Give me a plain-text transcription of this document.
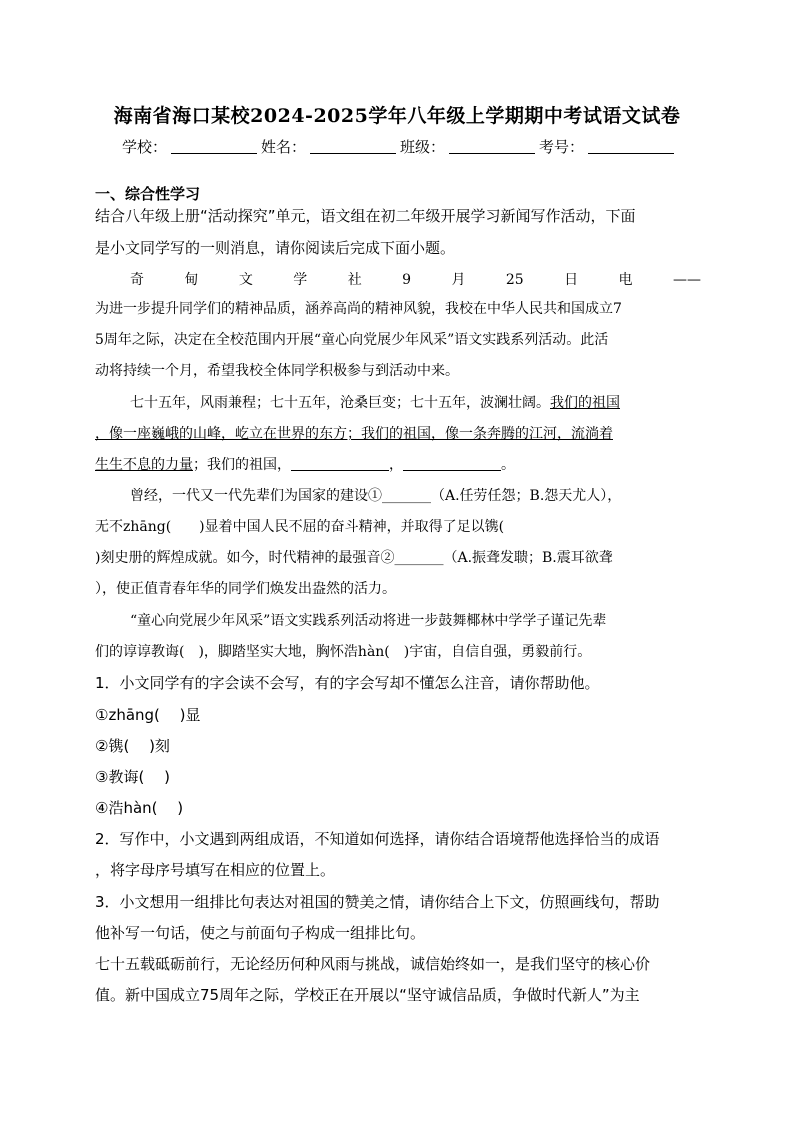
海南省海口某校2024-2025学年八年级上学期期中考试语文试卷
学校：	姓名：	班级：	考号：
一、综合性学习
结合八年级上册“活动探究”单元，语文组在初二年级开展学习新闻写作活动，下面
是小文同学写的一则消息，请你阅读后完成下面小题。
奇	甸	文	学	社	9	月	25	日	电	——
为进一步提升同学们的精神品质，涵养高尚的精神风貌，我校在中华人民共和国成立7
5周年之际，决定在全校范围内开展“童心向党展少年风采”语文实践系列活动。此活
动将持续一个月，希望我校全体同学积极参与到活动中来。
七十五年，风雨兼程；七十五年，沧桑巨变；七十五年，波澜壮阔。我们的祖国
，像一座巍峨的山峰，屹立在世界的东方；我们的祖国，像一条奔腾的江河，流淌着
生生不息的力量；我们的祖国，	，	。
曾经，一代又一代先辈们为国家的建设①_______（A.任劳任怨；B.怨天尤人），
无不zhāng(　　)显着中国人民不屈的奋斗精神，并取得了足以镌(
)刻史册的辉煌成就。如今，时代精神的最强音②_______（A.振聋发聩；B.震耳欲聋
），使正值青春年华的同学们焕发出盎然的活力。
“童心向党展少年风采”语文实践系列活动将进一步鼓舞椰林中学学子谨记先辈
们的谆谆教诲(　)，脚踏坚实大地，胸怀浩hàn(　)宇宙，自信自强，勇毅前行。
1．小文同学有的字会读不会写，有的字会写却不懂怎么注音，请你帮助他。
①zhāng(　 )显
②镌(　 )刻
③教诲(　 )
④浩hàn(　 )
2．写作中，小文遇到两组成语，不知道如何选择，请你结合语境帮他选择恰当的成语
，将字母序号填写在相应的位置上。
3．小文想用一组排比句表达对祖国的赞美之情，请你结合上下文，仿照画线句，帮助
他补写一句话，使之与前面句子构成一组排比句。
七十五载砥砺前行，无论经历何种风雨与挑战，诚信始终如一，是我们坚守的核心价
值。新中国成立75周年之际，学校正在开展以“坚守诚信品质，争做时代新人”为主
